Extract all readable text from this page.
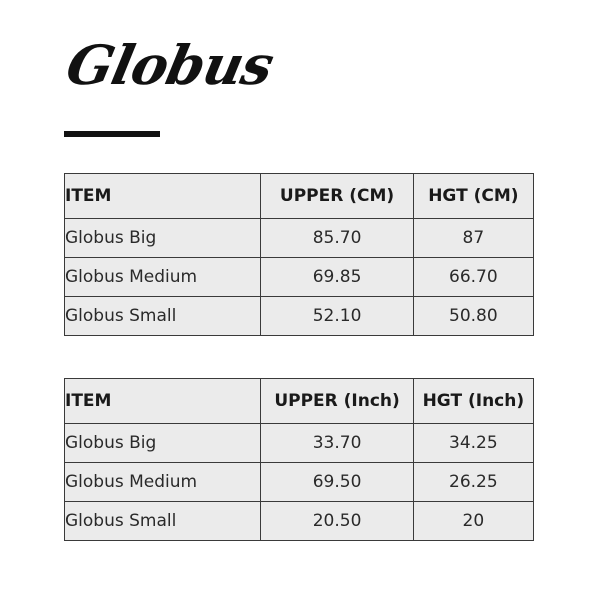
Globus
ITEM	UPPER (CM)	HGT (CM)
Globus Big	85.70	87
Globus Medium	69.85	66.70
Globus Small	52.10	50.80
ITEM	UPPER (Inch)	HGT (Inch)
Globus Big	33.70	34.25
Globus Medium	69.50	26.25
Globus Small	20.50	20
